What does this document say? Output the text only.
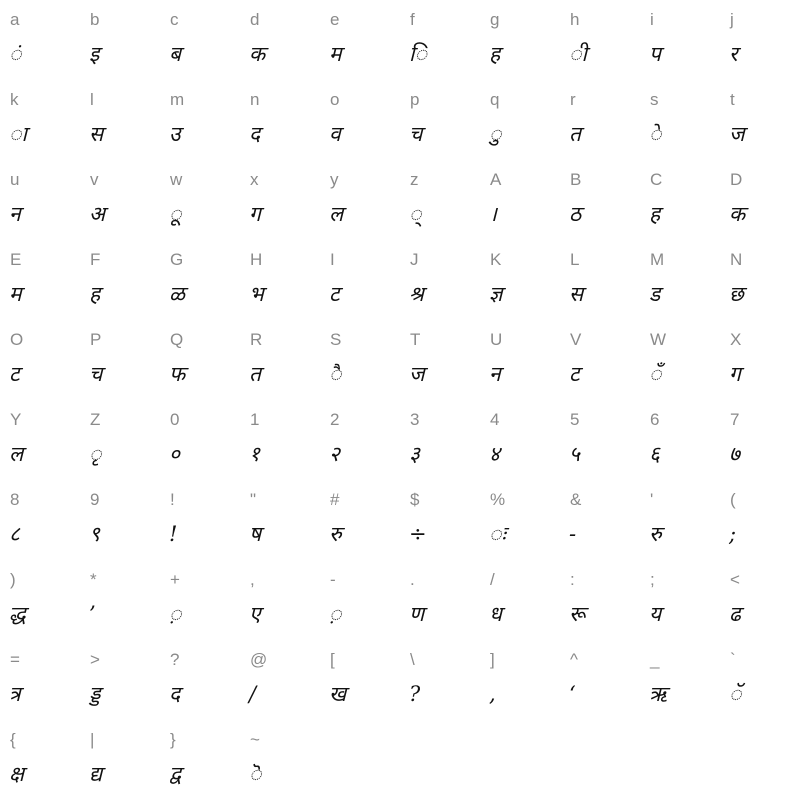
a
ं
b
इ
c
ब
d
क
e
म
f
ि
g
ह
h
ी
i
प
j
र
k
ा
l
स
m
उ
n
द
o
व
p
च
q
ु
r
त
s
े
t
ज
u
न
v
अ
w
ू
x
ग
y
ल
z
्
A
।
B
ठ
C
ह
D
क
E
म
F
ह
G
ळ
H
भ
I
ट
J
श्र
K
ज्ञ
L
स
M
ड
N
छ
O
ट
P
च
Q
फ
R
त
S
ै
T
ज
U
न
V
ट
W
ँ
X
ग
Y
ल
Z
ृ
0
०
1
१
2
२
3
३
4
४
5
५
6
६
7
७
8
८
9
९
!
!
"
ष
#
रु
$
÷
%
ः
&
-
'
रु
(
;
)
द्ध
*
’
+
़
,
ए
-
़
.
ण
/
ध
:
रू
;
य
<
ढ
=
त्र
>
ड्ड
?
द
@
/
[
ख
\
?
]
,
^
‘
_
ऋ
`
ॅ
{
क्ष
|
द्य
}
द्व
~
ॆ
